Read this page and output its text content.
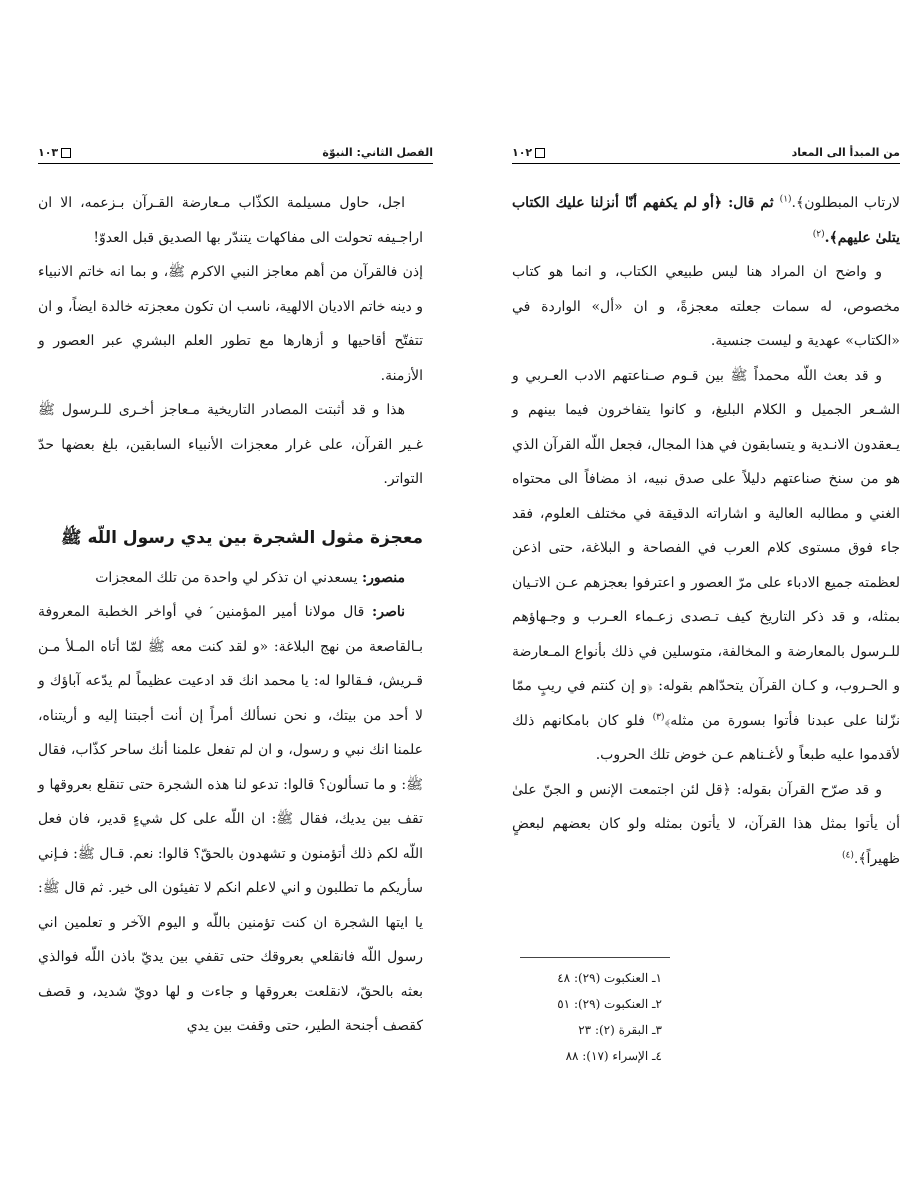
من المبدأ الى المعاد
١٠٢

لارتاب المبطلون﴾.$^{(١)}$ ثم قال: ﴿أو لم يكفهم أنّا أنزلنا عليك الكتاب يتلىٰ عليهم﴾.$^{(٢)}$

و واضح ان المراد هنا ليس طبيعي الكتاب، و انما هو كتاب مخصوص، له سمات جعلته معجزةً، و ان «أل» الواردة في «الكتاب» عهدية و ليست جنسية.

و قد بعث اللّه محمداً ﷺ بين قـوم صـناعتهم الادب العـربي و الشـعر الجميل و الكلام البليغ، و كانوا يتفاخرون فيما بينهم و يـعقدون الانـدية و يتسابقون في هذا المجال، فجعل اللّه القرآن الذي هو من سنخ صناعتهم دليلاً على صدق نبيه، اذ مضافاً الى محتواه الغني و مطالبه العالية و اشاراته الدقيقة في مختلف العلوم، فقد جاء فوق مستوى كلام العرب في الفصاحة و البلاغة، حتى اذعن لعظمته جميع الادباء على مرّ العصور و اعترفوا بعجزهم عـن الاتـيان بمثله، و قد ذكر التاريخ كيف تـصدى زعـماء العـرب و وجـهاؤهم للـرسول بالمعارضة و المخالفة، متوسلين في ذلك بأنواع المـعارضة و الحـروب، و كـان القرآن يتحدّاهم بقوله: ﴿و إن كنتم في ريبٍ ممّا نزّلنا على عبدنا فأتوا بسورة من مثله﴾$^{(٣)}$ فلو كان بامكانهم ذلك لأقدموا عليه طبعاً و لأغـناهم عـن خوض تلك الحروب.

و قد صرّح القرآن بقوله: ﴿قل لئن اجتمعت الإنس و الجنّ علىٰ أن يأتوا بمثل هذا القرآن، لا يأتون بمثله ولو كان بعضهم لبعضٍ ظهيراً﴾.$^{(٤)}$

١ـ العنكبوت (٢٩): ٤٨
٢ـ العنكبوت (٢٩): ٥١
٣ـ البقرة (٢): ٢٣
٤ـ الإسراء (١٧): ٨٨
الفصل الثاني: النبوّة
١٠٣

اجل، حاول مسيلمة الكذّاب مـعارضة القـرآن بـزعمه، الا ان اراجـيفه تحولت الى مفاكهات يتندّر بها الصديق قبل العدوّ!

إذن فالقرآن من أهم معاجز النبي الاكرم ﷺ، و بما انه خاتم الانبياء و دينه خاتم الاديان الالهية، ناسب ان تكون معجزته خالدة ايضاً، و ان تتفتّح أقاحيها و أزهارها مع تطور العلم البشري عبر العصور و الأزمنة.

هذا و قد أثبتت المصادر التاريخية مـعاجز أخـرى للـرسول ﷺ غـير القرآن، على غرار معجزات الأنبياء السابقين، بلغ بعضها حدّ التواتر.

معجزة مثول الشجرة بين يدي رسول اللّه ﷺ

منصور: يسعدني ان تذكر لي واحدة من تلك المعجزات

ناصر: قال مولانا أمير المؤمنين ؑ في أواخر الخطبة المعروفة بـالقاصعة من نهج البلاغة: «و لقد كنت معه ﷺ لمّا أتاه المـلأ مـن قـريش، فـقالوا له: يا محمد انك قد ادعيت عظيماً لم يدّعه آباؤك و لا أحد من بيتك، و نحن نسألك أمراً إن أنت أجبتنا إليه و أريتناه، علمنا انك نبي و رسول، و ان لم تفعل علمنا أنك ساحر كذّاب، فقال ﷺ: و ما تسألون؟ قالوا: تدعو لنا هذه الشجرة حتى تنقلع بعروقها و تقف بين يديك، فقال ﷺ: ان اللّه على كل شيءٍ قدير، فان فعل اللّه لكم ذلك أتؤمنون و تشهدون بالحقّ؟ قالوا: نعم. قـال ﷺ: فـإني سأريكم ما تطلبون و اني لاعلم انكم لا تفيئون الى خير. ثم قال ﷺ: يا ايتها الشجرة ان كنت تؤمنين باللّه و اليوم الآخر و تعلمين اني رسول اللّه فانقلعي بعروقك حتى تقفي بين يديّ باذن اللّه فوالذي بعثه بالحقّ، لانقلعت بعروقها و جاءت و لها دويّ شديد، و قصف كقصف أجنحة الطير، حتى وقفت بين يدي
